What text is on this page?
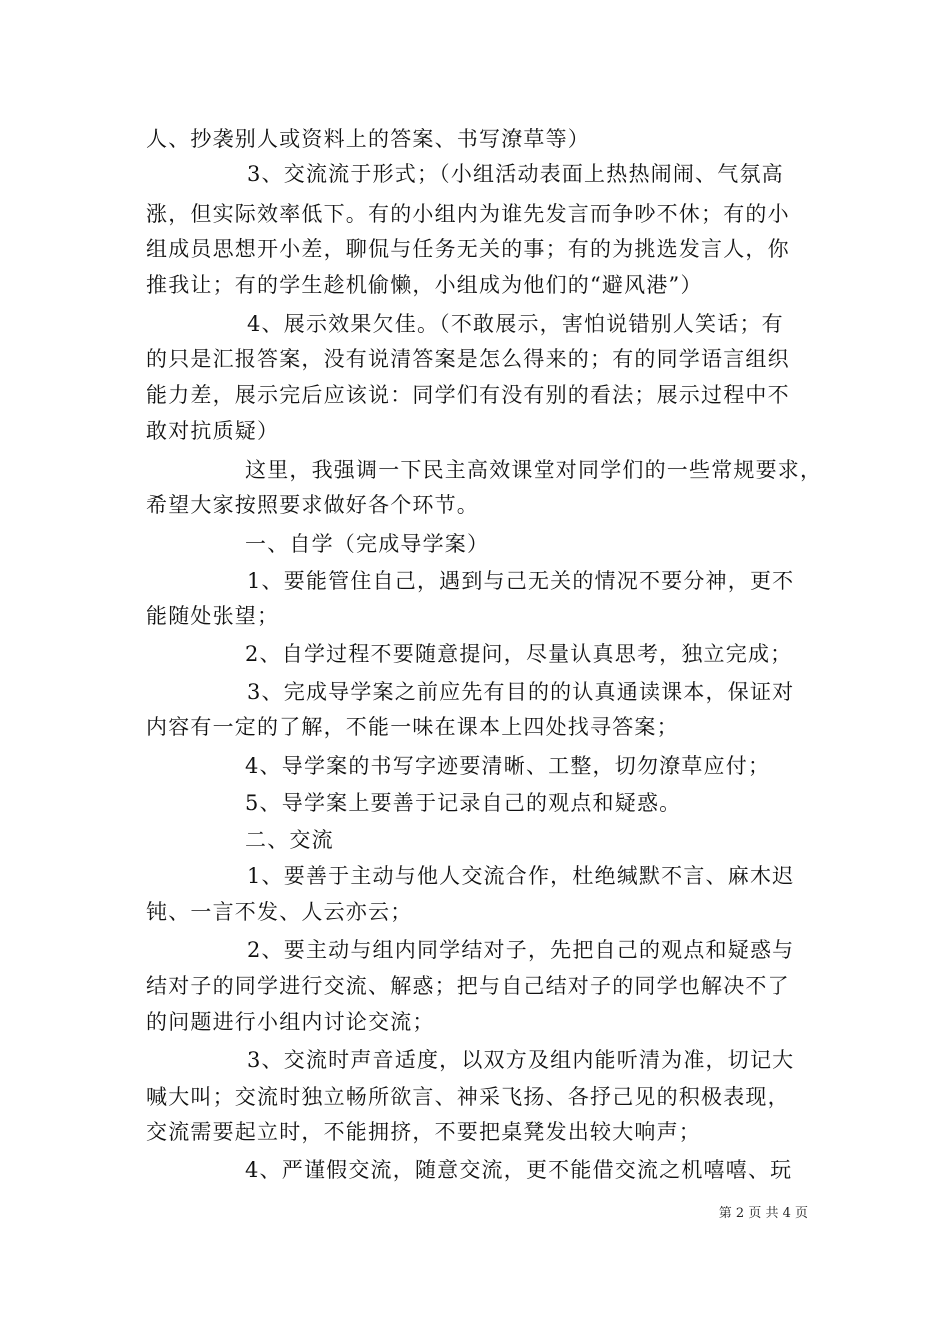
人、抄袭别人或资料上的答案、书写潦草等）
3、交流流于形式；（小组活动表面上热热闹闹、气氛高
涨，但实际效率低下。有的小组内为谁先发言而争吵不休；有的小
组成员思想开小差，聊侃与任务无关的事；有的为挑选发言人，你
推我让；有的学生趁机偷懒，小组成为他们的“避风港”）
4、展示效果欠佳。（不敢展示，害怕说错别人笑话；有
的只是汇报答案，没有说清答案是怎么得来的；有的同学语言组织
能力差，展示完后应该说：同学们有没有别的看法；展示过程中不
敢对抗质疑）
这里，我强调一下民主高效课堂对同学们的一些常规要求，
希望大家按照要求做好各个环节。
一、自学（完成导学案）
1、要能管住自己，遇到与己无关的情况不要分神，更不
能随处张望；
2、自学过程不要随意提问，尽量认真思考，独立完成；
3、完成导学案之前应先有目的的认真通读课本，保证对
内容有一定的了解，不能一味在课本上四处找寻答案；
4、导学案的书写字迹要清晰、工整，切勿潦草应付；
5、导学案上要善于记录自己的观点和疑惑。
二、交流
1、要善于主动与他人交流合作，杜绝缄默不言、麻木迟
钝、一言不发、人云亦云；
2、要主动与组内同学结对子，先把自己的观点和疑惑与
结对子的同学进行交流、解惑；把与自己结对子的同学也解决不了
的问题进行小组内讨论交流；
3、交流时声音适度，以双方及组内能听清为准，切记大
喊大叫；交流时独立畅所欲言、神采飞扬、各抒己见的积极表现，
交流需要起立时，不能拥挤，不要把桌凳发出较大响声；
4、严谨假交流，随意交流，更不能借交流之机嘻嘻、玩
第 2 页 共 4 页
